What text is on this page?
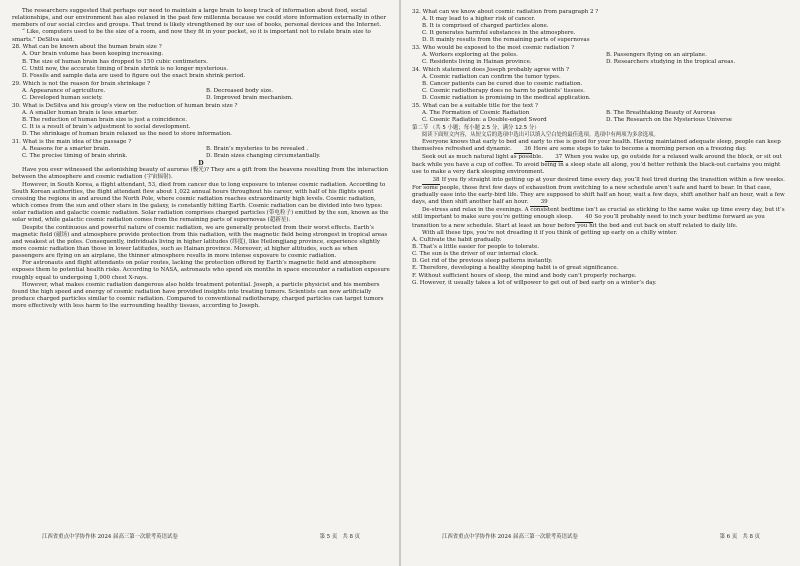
The researchers suggested that perhaps our need to maintain a large brain to keep track of information about food, social relationships, and our environment has also relaxed in the past few millennia because we could store information externally in other members of our social circles and groups. That trend is likely strengthened by our use of books, personal devices and the Internet.

“ Like, computers used to be the size of a room, and now they fit in your pocket, so it is important not to relate brain size to smarts.” DeSilva said.

28. What can be known about the human brain size ?

A. Our brain volume has been keeping increasing.

B. The size of human brain has dropped to 150 cubic centimeters.

C. Until now, the accurate timing of brain shrink is no longer mysterious.

D. Fossils and sample data are used to figure out the exact brain shrink period.

29. Which is not the reason for brain shrinkage ?

A. Appearance of agriculture.	B. Decreased body size.
C. Developed human society.	D. Improved brain mechanism.

30. What is DeSilva and his group’s view on the reduction of human brain size ?

A. A smaller human brain is less smarter.

B. The reduction of human brain size is just a coincidence.

C. It is a result of brain’s adjustment to social development.

D. The shrinkage of human brain relaxed us the need to store information.

31. What is the main idea of the passage ?

A. Reasons for a smarter brain.	B. Brain’s mysteries to be revealed .
C. The precise timing of brain shrink.	D. Brain sizes changing circumstantially.

D

Have you ever witnessed the astonishing beauty of auroras (极光)? They are a gift from the heavens resulting from the interaction between the atmosphere and cosmic radiation (宇宙辐射).

However, in South Korea, a flight attendant, 53, died from cancer due to long exposure to intense cosmic radiation. According to South Korean authorities, the flight attendant flew about 1,022 annual hours throughout his career, with half of his flights spent crossing the regions in and around the North Pole, where cosmic radiation reaches extraordinarily high levels. Cosmic radiation, which comes from the sun and other stars in the galaxy, is constantly hitting Earth. Cosmic radiation can be divided into two types: solar radiation and galactic cosmic radiation. Solar radiation comprises charged particles (带电粒子) emitted by the sun, known as the solar wind, while galactic cosmic radiation comes from the remaining parts of supernovas (超新星).

Despite the continuous and powerful nature of cosmic radiation, we are generally protected from their worst effects. Earth’s magnetic field (磁场) and atmosphere provide protection from this radiation, with the magnetic field being strongest in tropical areas and weakest at the poles. Consequently, individuals living in higher latitudes (纬度), like Heilongjiang province, experience slightly more cosmic radiation than those in lower latitudes, such as Hainan province. Moreover, at higher altitudes, such as when passengers are flying on an airplane, the thinner atmosphere results in more intense exposure to cosmic radiation.

For astronauts and flight attendants on polar routes, lacking the protection offered by Earth’s magnetic field and atmosphere exposes them to potential health risks. According to NASA, astronauts who spend six months in space encounter a radiation exposure roughly equal to undergoing 1,000 chest X-rays.

However, what makes cosmic radiation dangerous also holds treatment potential. Joseph, a particle physicist and his members found the high speed and energy of cosmic radiation have provided insights into treating tumors. Scientists can now artificially produce charged particles similar to cosmic radiation. Compared to conventional radiotherapy, charged particles can target tumors more effectively with less harm to the surrounding healthy tissues, according to Joseph.

江西省重点中学协作体 2024 届高三第一次联考英语试卷	第 5 页 共 8 页

32. What can we know about cosmic radiation from paragraph 2 ?

A. It may lead to a higher risk of cancer.

B. It is comprised of charged particles alone.

C. It generates harmful substances in the atmosphere.

D. It mainly results from the remaining parts of supernovas

33. Who would be exposed to the most cosmic radiation ?

A. Workers exploring at the poles.	B. Passengers flying on an airplane.
C. Residents living in Hainan province.	D. Researchers studying in the tropical areas.

34. Which statement does Joseph probably agree with ?

A. Cosmic radiation can confirm the tumor types.

B. Cancer patients can be cured due to cosmic radiation.

C. Cosmic radiotherapy does no harm to patients’ tissues.

D. Cosmic radiation is promising in the medical application.

35. What can be a suitable title for the text ?

A. The Formation of Cosmic Radiation	B. The Breathtaking Beauty of Auroras
C. Cosmic Radiation: a Double-edged Sword	D. The Research on the Mysterious Universe

第二节 （共 5 小题；每小题 2.5 分，满分 12.5 分）

阅读下面短文内容，从短文后的选项中选出可以填入空白处的最佳选项。选项中有两项为多余选项。

Everyone knows that early to bed and early to rise is good for your health. Having maintained adequate sleep, people can keep themselves refreshed and dynamic. 36 Here are some steps to take to become a morning person on a freezing day.

Seek out as much natural light as possible. 37 When you wake up, go outside for a relaxed walk around the block, or sit out back while you have a cup of coffee. To avoid being in a sleep state all along, you’d better rethink the black-out curtains you might use to make a very dark sleeping environment.

38 If you fly straight into getting up at your desired time every day, you’ll feel tired during the transition within a few weeks. For some people, those first few days of exhaustion from switching to a new schedule aren’t safe and hard to bear. In that case, gradually ease into the early-bird life. They are supposed to shift half an hour, wait a few days, shift another half an hour, wait a few days, and then shift another half an hour. 39

De-stress and relax in the evenings. A consistent bedtime isn’t as crucial as sticking to the same wake up time every day, but it’s still important to make sure you’re getting enough sleep. 40 So you’ll probably need to inch your bedtime forward as you transition to a new schedule. Start at least an hour before you hit the bed and cut back on stuff related to daily life.

With all these tips, you’re not dreading it if you think of getting up early on a chilly winter.

A. Cultivate the habit gradually.

B. That’s a little easier for people to tolerate.

C. The sun is the driver of our internal clock.

D. Get rid of the previous sleep patterns instantly.

E. Therefore, developing a healthy sleeping habit is of great significance.

F. Without sufficient hours of sleep, the mind and body can’t properly recharge.

G. However, it usually takes a lot of willpower to get out of bed early on a winter’s day.

江西省重点中学协作体 2024 届高三第一次联考英语试卷	第 6 页 共 8 页
